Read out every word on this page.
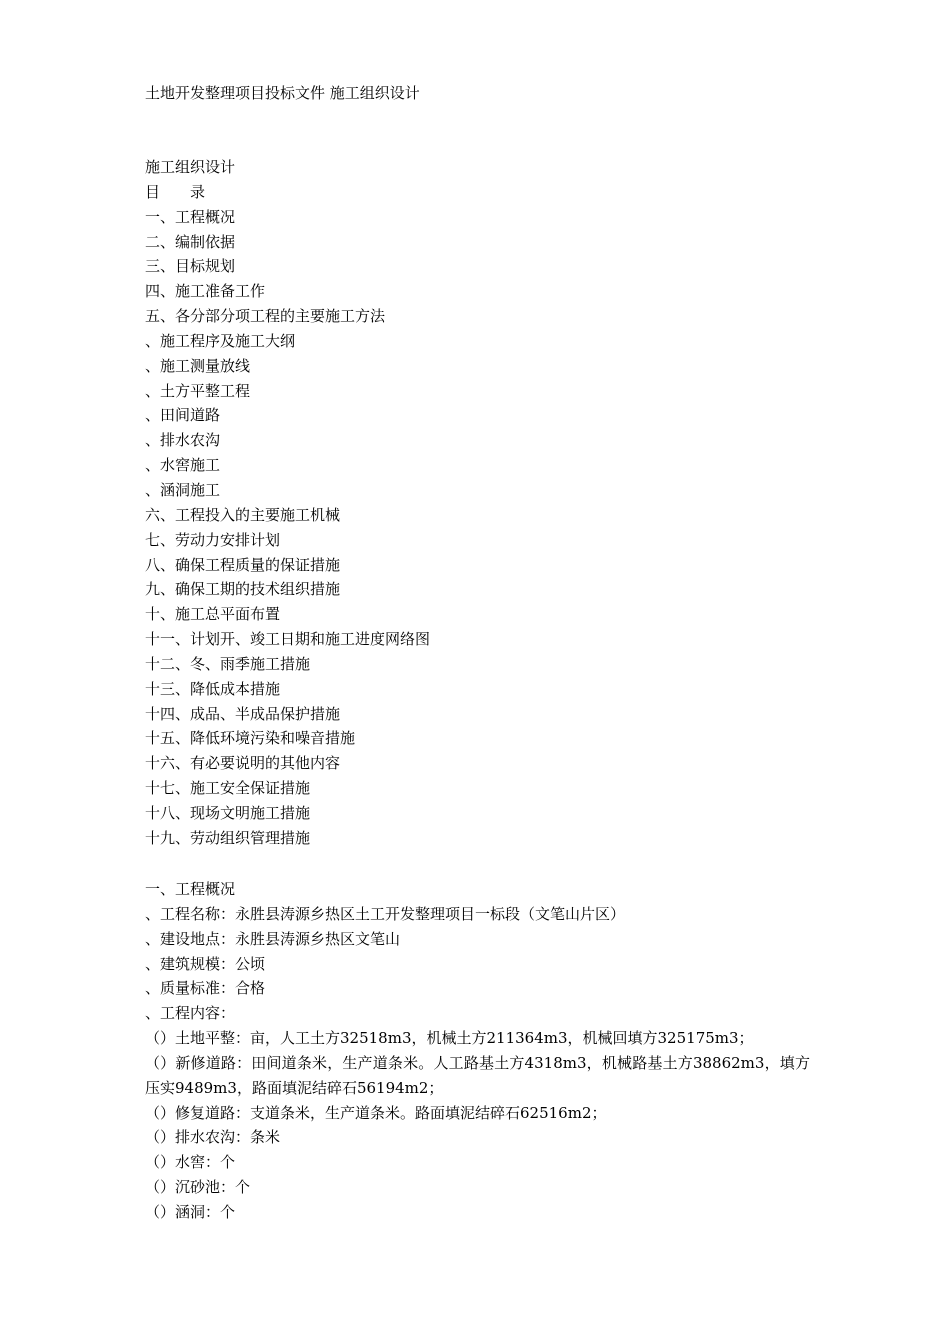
土地开发整理项目投标文件 施工组织设计
施工组织设计
目　　录
一、工程概况
二、编制依据
三、目标规划
四、施工准备工作
五、各分部分项工程的主要施工方法
、施工程序及施工大纲
、施工测量放线
、土方平整工程
、田间道路
、排水农沟
、水窖施工
、涵洞施工
六、工程投入的主要施工机械
七、劳动力安排计划
八、确保工程质量的保证措施
九、确保工期的技术组织措施
十、施工总平面布置
十一、计划开、竣工日期和施工进度网络图
十二、冬、雨季施工措施
十三、降低成本措施
十四、成品、半成品保护措施
十五、降低环境污染和噪音措施
十六、有必要说明的其他内容
十七、施工安全保证措施
十八、现场文明施工措施
十九、劳动组织管理措施
一、工程概况
、工程名称：永胜县涛源乡热区土工开发整理项目一标段（文笔山片区）
、建设地点：永胜县涛源乡热区文笔山
、建筑规模：公顷
、质量标准：合格
、工程内容：
（）土地平整：亩，人工土方32518m3，机械土方211364m3，机械回填方325175m3；
（）新修道路：田间道条米，生产道条米。人工路基土方4318m3，机械路基土方38862m3，填方压实9489m3，路面填泥结碎石56194m2；
（）修复道路：支道条米，生产道条米。路面填泥结碎石62516m2；
（）排水农沟：条米
（）水窖：个
（）沉砂池：个
（）涵洞：个
